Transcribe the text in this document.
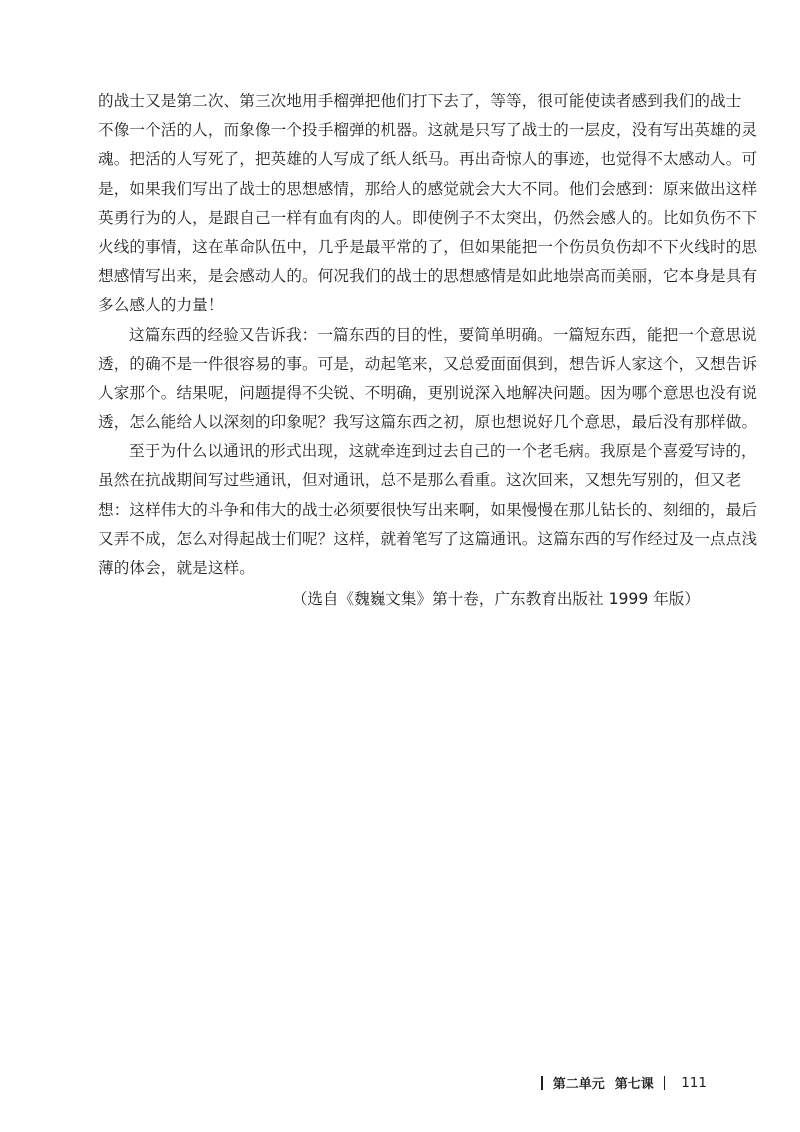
的战士又是第二次、第三次地用手榴弹把他们打下去了，等等，很可能使读者感到我们的战士
不像一个活的人，而象像一个投手榴弹的机器。这就是只写了战士的一层皮，没有写出英雄的灵
魂。把活的人写死了，把英雄的人写成了纸人纸马。再出奇惊人的事迹，也觉得不太感动人。可
是，如果我们写出了战士的思想感情，那给人的感觉就会大大不同。他们会感到：原来做出这样
英勇行为的人，是跟自己一样有血有肉的人。即使例子不太突出，仍然会感人的。比如负伤不下
火线的事情，这在革命队伍中，几乎是最平常的了，但如果能把一个伤员负伤却不下火线时的思
想感情写出来，是会感动人的。何况我们的战士的思想感情是如此地崇高而美丽，它本身是具有
多么感人的力量！
这篇东西的经验又告诉我：一篇东西的目的性，要简单明确。一篇短东西，能把一个意思说
透，的确不是一件很容易的事。可是，动起笔来，又总爱面面俱到，想告诉人家这个，又想告诉
人家那个。结果呢，问题提得不尖锐、不明确，更别说深入地解决问题。因为哪个意思也没有说
透，怎么能给人以深刻的印象呢？我写这篇东西之初，原也想说好几个意思，最后没有那样做。
至于为什么以通讯的形式出现，这就牵连到过去自己的一个老毛病。我原是个喜爱写诗的，
虽然在抗战期间写过些通讯，但对通讯，总不是那么看重。这次回来，又想先写别的，但又老
想：这样伟大的斗争和伟大的战士必须要很快写出来啊，如果慢慢在那儿钻长的、刻细的，最后
又弄不成，怎么对得起战士们呢？这样，就着笔写了这篇通讯。这篇东西的写作经过及一点点浅
薄的体会，就是这样。
（选自《魏巍文集》第十卷，广东教育出版社 1999 年版）
第二单元 第七课 111
